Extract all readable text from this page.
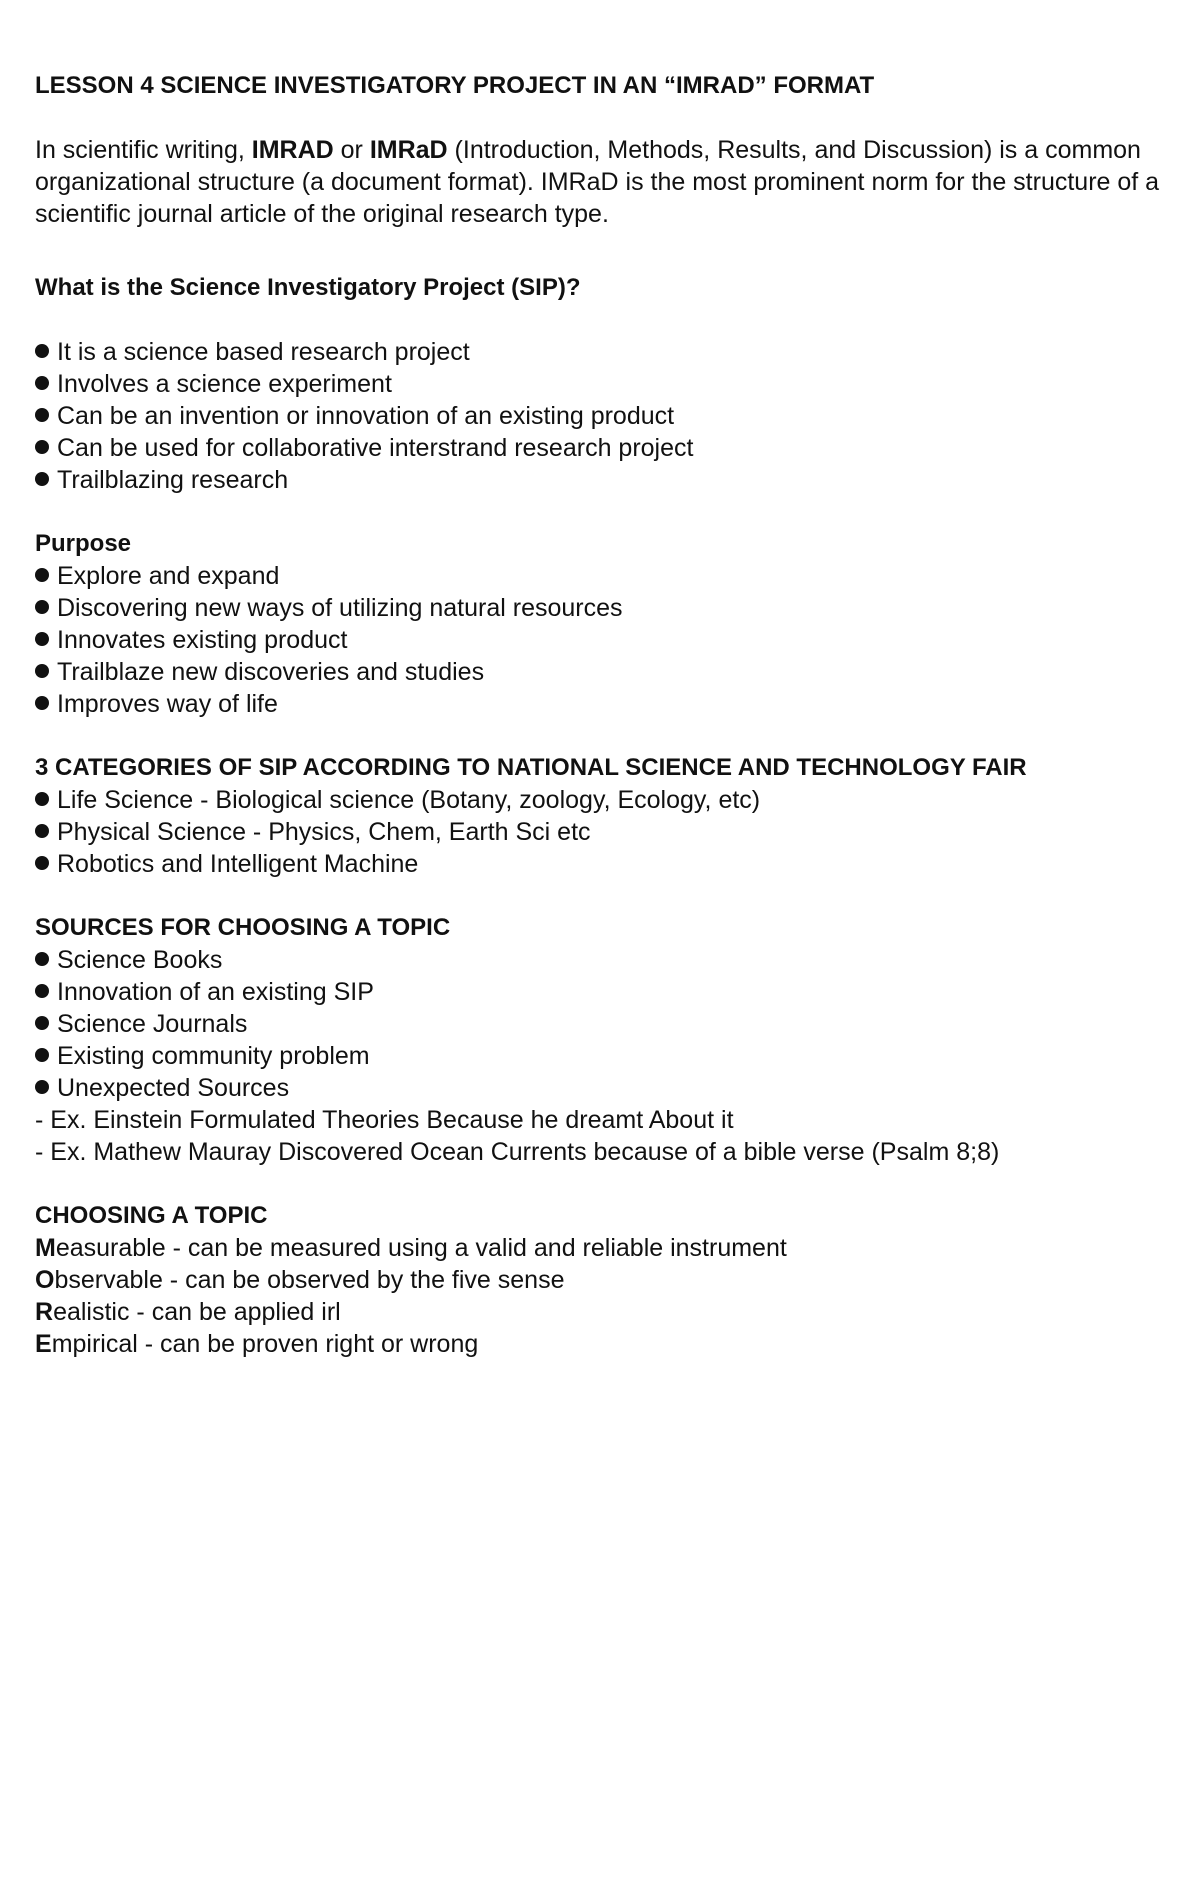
LESSON 4 SCIENCE INVESTIGATORY PROJECT IN AN “IMRAD” FORMAT

In scientific writing, IMRAD or IMRaD (Introduction, Methods, Results, and Discussion) is a common organizational structure (a document format). IMRaD is the most prominent norm for the structure of a scientific journal article of the original research type.

What is the Science Investigatory Project (SIP)?
It is a science based research project
Involves a science experiment
Can be an invention or innovation of an existing product
Can be used for collaborative interstrand research project
Trailblazing research
Purpose
Explore and expand
Discovering new ways of utilizing natural resources
Innovates existing product
Trailblaze new discoveries and studies
Improves way of life
3 CATEGORIES OF SIP ACCORDING TO NATIONAL SCIENCE AND TECHNOLOGY FAIR
Life Science - Biological science (Botany, zoology, Ecology, etc)
Physical Science - Physics, Chem, Earth Sci etc
Robotics and Intelligent Machine
SOURCES FOR CHOOSING A TOPIC
Science Books
Innovation of an existing SIP
Science Journals
Existing community problem
Unexpected Sources

- Ex. Einstein Formulated Theories Because he dreamt About it

- Ex. Mathew Mauray Discovered Ocean Currents because of a bible verse (Psalm 8;8)

CHOOSING A TOPIC

Measurable - can be measured using a valid and reliable instrument

Observable - can be observed by the five sense

Realistic - can be applied irl

Empirical - can be proven right or wrong
